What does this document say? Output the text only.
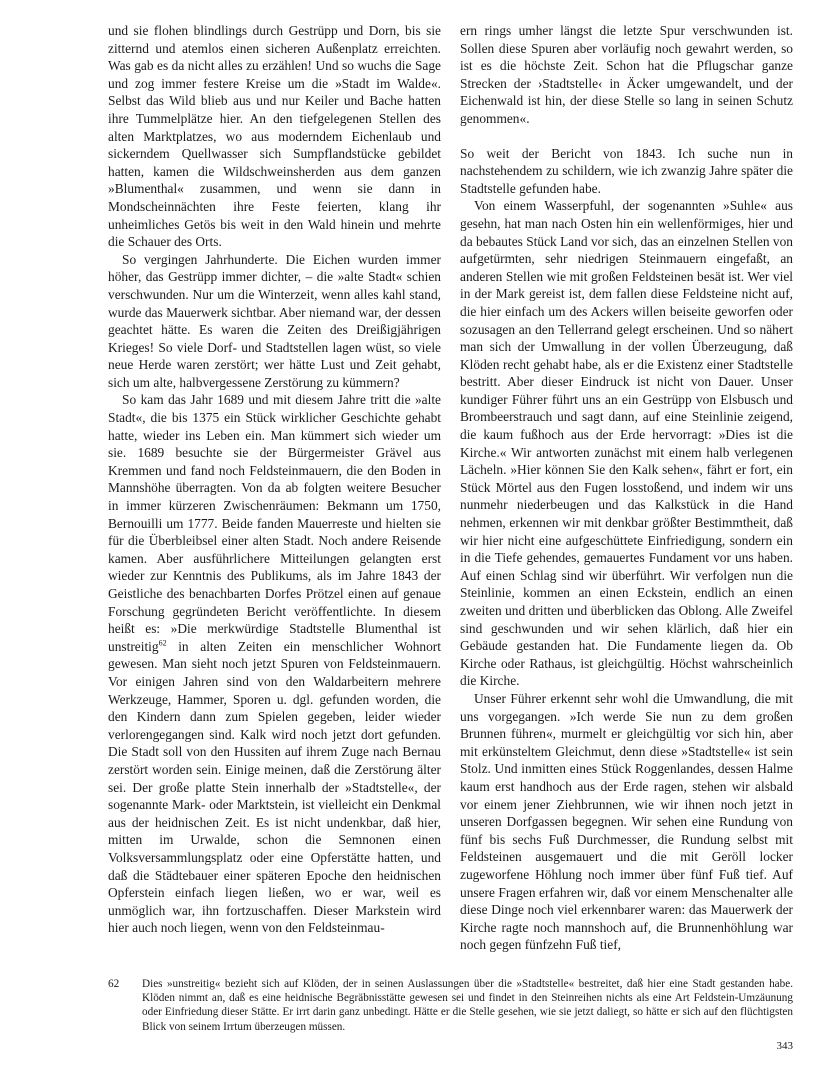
und sie flohen blindlings durch Gestrüpp und Dorn, bis sie zitternd und atemlos einen sicheren Außenplatz erreichten. Was gab es da nicht alles zu erzählen! Und so wuchs die Sage und zog immer festere Kreise um die »Stadt im Walde«. Selbst das Wild blieb aus und nur Keiler und Bache hatten ihre Tummelplätze hier. An den tiefgelegenen Stellen des alten Marktplatzes, wo aus moderndem Eichenlaub und sickerndem Quellwasser sich Sumpflandstücke gebildet hatten, kamen die Wildschweinsherden aus dem ganzen »Blumenthal« zusammen, und wenn sie dann in Mondscheinnächten ihre Feste feierten, klang ihr unheimliches Getös bis weit in den Wald hinein und mehrte die Schauer des Orts.

So vergingen Jahrhunderte. Die Eichen wurden immer höher, das Gestrüpp immer dichter, – die »alte Stadt« schien verschwunden. Nur um die Winterzeit, wenn alles kahl stand, wurde das Mauerwerk sichtbar. Aber niemand war, der dessen geachtet hätte. Es waren die Zeiten des Dreißigjährigen Krieges! So viele Dorf- und Stadtstellen lagen wüst, so viele neue Herde waren zerstört; wer hätte Lust und Zeit gehabt, sich um alte, halbvergessene Zerstörung zu kümmern?

So kam das Jahr 1689 und mit diesem Jahre tritt die »alte Stadt«, die bis 1375 ein Stück wirklicher Geschichte gehabt hatte, wieder ins Leben ein. Man kümmert sich wieder um sie. 1689 besuchte sie der Bürgermeister Grävel aus Kremmen und fand noch Feldsteinmauern, die den Boden in Mannshöhe überragten. Von da ab folgten weitere Besucher in immer kürzeren Zwischenräumen: Bekmann um 1750, Bernouilli um 1777. Beide fanden Mauerreste und hielten sie für die Überbleibsel einer alten Stadt. Noch andere Reisende kamen. Aber ausführlichere Mitteilungen gelangten erst wieder zur Kenntnis des Publikums, als im Jahre 1843 der Geistliche des benachbarten Dorfes Prötzel einen auf genaue Forschung gegründeten Bericht veröffentlichte. In diesem heißt es: »Die merkwürdige Stadtstelle Blumenthal ist unstreitig$^{62}$ in alten Zeiten ein menschlicher Wohnort gewesen. Man sieht noch jetzt Spuren von Feldsteinmauern. Vor einigen Jahren sind von den Waldarbeitern mehrere Werkzeuge, Hammer, Sporen u. dgl. gefunden worden, die den Kindern dann zum Spielen gegeben, leider wieder verlorengegangen sind. Kalk wird noch jetzt dort gefunden. Die Stadt soll von den Hussiten auf ihrem Zuge nach Bernau zerstört worden sein. Einige meinen, daß die Zerstörung älter sei. Der große platte Stein innerhalb der »Stadtstelle«, der sogenannte Mark- oder Marktstein, ist vielleicht ein Denkmal aus der heidnischen Zeit. Es ist nicht undenkbar, daß hier, mitten im Urwalde, schon die Semnonen einen Volksversammlungsplatz oder eine Opferstätte hatten, und daß die Städtebauer einer späteren Epoche den heidnischen Opferstein einfach liegen ließen, wo er war, weil es unmöglich war, ihn fortzuschaffen. Dieser Markstein wird hier auch noch liegen, wenn von den Feldsteinmau-

ern rings umher längst die letzte Spur verschwunden ist. Sollen diese Spuren aber vorläufig noch gewahrt werden, so ist es die höchste Zeit. Schon hat die Pflugschar ganze Strecken der ›Stadtstelle‹ in Äcker umgewandelt, und der Eichenwald ist hin, der diese Stelle so lang in seinen Schutz genommen«.

So weit der Bericht von 1843. Ich suche nun in nachstehendem zu schildern, wie ich zwanzig Jahre später die Stadtstelle gefunden habe.

Von einem Wasserpfuhl, der sogenannten »Suhle« aus gesehn, hat man nach Osten hin ein wellenförmiges, hier und da bebautes Stück Land vor sich, das an einzelnen Stellen von aufgetürmten, sehr niedrigen Steinmauern eingefaßt, an anderen Stellen wie mit großen Feldsteinen besät ist. Wer viel in der Mark gereist ist, dem fallen diese Feldsteine nicht auf, die hier einfach um des Ackers willen beiseite geworfen oder sozusagen an den Tellerrand gelegt erscheinen. Und so nähert man sich der Umwallung in der vollen Überzeugung, daß Klöden recht gehabt habe, als er die Existenz einer Stadtstelle bestritt. Aber dieser Eindruck ist nicht von Dauer. Unser kundiger Führer führt uns an ein Gestrüpp von Elsbusch und Brombeerstrauch und sagt dann, auf eine Steinlinie zeigend, die kaum fußhoch aus der Erde hervorragt: »Dies ist die Kirche.« Wir antworten zunächst mit einem halb verlegenen Lächeln. »Hier können Sie den Kalk sehen«, fährt er fort, ein Stück Mörtel aus den Fugen losstoßend, und indem wir uns nunmehr niederbeugen und das Kalkstück in die Hand nehmen, erkennen wir mit denkbar größter Bestimmtheit, daß wir hier nicht eine aufgeschüttete Einfriedigung, sondern ein in die Tiefe gehendes, gemauertes Fundament vor uns haben. Auf einen Schlag sind wir überführt. Wir verfolgen nun die Steinlinie, kommen an einen Eckstein, endlich an einen zweiten und dritten und überblicken das Oblong. Alle Zweifel sind geschwunden und wir sehen klärlich, daß hier ein Gebäude gestanden hat. Die Fundamente liegen da. Ob Kirche oder Rathaus, ist gleichgültig. Höchst wahrscheinlich die Kirche.

Unser Führer erkennt sehr wohl die Umwandlung, die mit uns vorgegangen. »Ich werde Sie nun zu dem großen Brunnen führen«, murmelt er gleichgültig vor sich hin, aber mit erkünsteltem Gleichmut, denn diese »Stadtstelle« ist sein Stolz. Und inmitten eines Stück Roggenlandes, dessen Halme kaum erst handhoch aus der Erde ragen, stehen wir alsbald vor einem jener Ziehbrunnen, wie wir ihnen noch jetzt in unseren Dorfgassen begegnen. Wir sehen eine Rundung von fünf bis sechs Fuß Durchmesser, die Rundung selbst mit Feldsteinen ausgemauert und die mit Geröll locker zugeworfene Höhlung noch immer über fünf Fuß tief. Auf unsere Fragen erfahren wir, daß vor einem Menschenalter alle diese Dinge noch viel erkennbarer waren: das Mauerwerk der Kirche ragte noch mannshoch auf, die Brunnenhöhlung war noch gegen fünfzehn Fuß tief,

62 Dies »unstreitig« bezieht sich auf Klöden, der in seinen Auslassungen über die »Stadtstelle« bestreitet, daß hier eine Stadt gestanden habe. Klöden nimmt an, daß es eine heidnische Begräbnisstätte gewesen sei und findet in den Steinreihen nichts als eine Art Feldstein-Umzäunung oder Einfriedung dieser Stätte. Er irrt darin ganz unbedingt. Hätte er die Stelle gesehen, wie sie jetzt daliegt, so hätte er sich auf den flüchtigsten Blick von seinem Irrtum überzeugen müssen.
343
